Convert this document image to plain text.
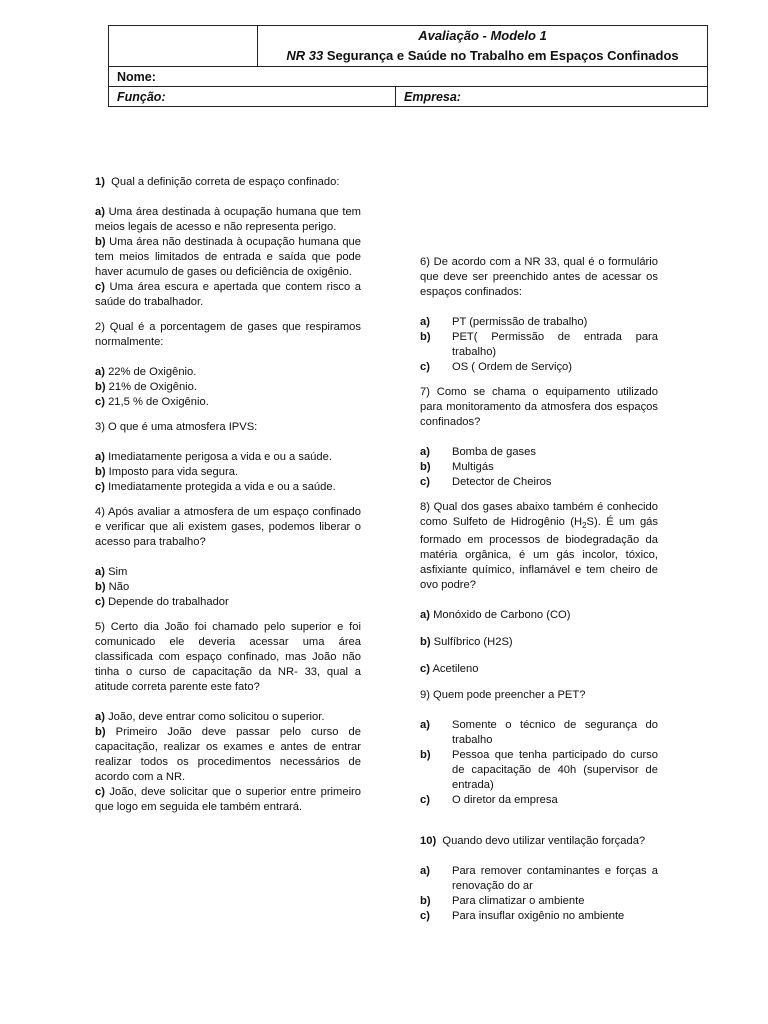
Avaliação - Modelo 1
NR 33 Segurança e Saúde no Trabalho em Espaços Confinados

Nome:
Função:	Empresa:
1) Qual a definição correta de espaço confinado:

a) Uma área destinada à ocupação humana que tem meios legais de acesso e não representa perigo.

b) Uma área não destinada à ocupação humana que tem meios limitados de entrada e saída que pode haver acumulo de gases ou deficiência de oxigênio.

c) Uma área escura e apertada que contem risco a saúde do trabalhador.

2) Qual é a porcentagem de gases que respiramos normalmente:

a) 22% de Oxigênio.

b) 21% de Oxigênio.

c) 21,5 % de Oxigênio.

3) O que é uma atmosfera IPVS:

a) Imediatamente perigosa a vida e ou a saúde.

b) Imposto para vida segura.

c) Imediatamente protegida a vida e ou a saúde.

4) Após avaliar a atmosfera de um espaço confinado e verificar que ali existem gases, podemos liberar o acesso para trabalho?

a) Sim

b) Não

c) Depende do trabalhador

5) Certo dia João foi chamado pelo superior e foi comunicado ele deveria acessar uma área classificada com espaço confinado, mas João não tinha o curso de capacitação da NR- 33, qual a atitude correta parente este fato?

a) João, deve entrar como solicitou o superior.

b) Primeiro João deve passar pelo curso de capacitação, realizar os exames e antes de entrar realizar todos os procedimentos necessários de acordo com a NR.

c) João, deve solicitar que o superior entre primeiro que logo em seguida ele também entrará.

6) De acordo com a NR 33, qual é o formulário que deve ser preenchido antes de acessar os espaços confinados:
a)	PT (permissão de trabalho)
b)	PET( Permissão de entrada para trabalho)
c)	OS ( Ordem de Serviço)
7) Como se chama o equipamento utilizado para monitoramento da atmosfera dos espaços confinados?
a)	Bomba de gases
b)	Multigás
c)	Detector de Cheiros
8) Qual dos gases abaixo também é conhecido como Sulfeto de Hidrogênio $(H_2S)$. É um gás formado em processos de biodegradação da matéria orgânica, é um gás incolor, tóxico, asfixiante químico, inflamável e tem cheiro de ovo podre?

a) Monóxido de Carbono (CO)

b) Sulfíbrico (H2S)

c) Acetileno

9) Quem pode preencher a PET?
a)	Somente o técnico de segurança do trabalho
b)	Pessoa que tenha participado do curso de capacitação de 40h (supervisor de entrada)
c)	O diretor da empresa
10) Quando devo utilizar ventilação forçada?
a)	Para remover contaminantes e forças a renovação do ar
b)	Para climatizar o ambiente
c)	Para insuflar oxigênio no ambiente
